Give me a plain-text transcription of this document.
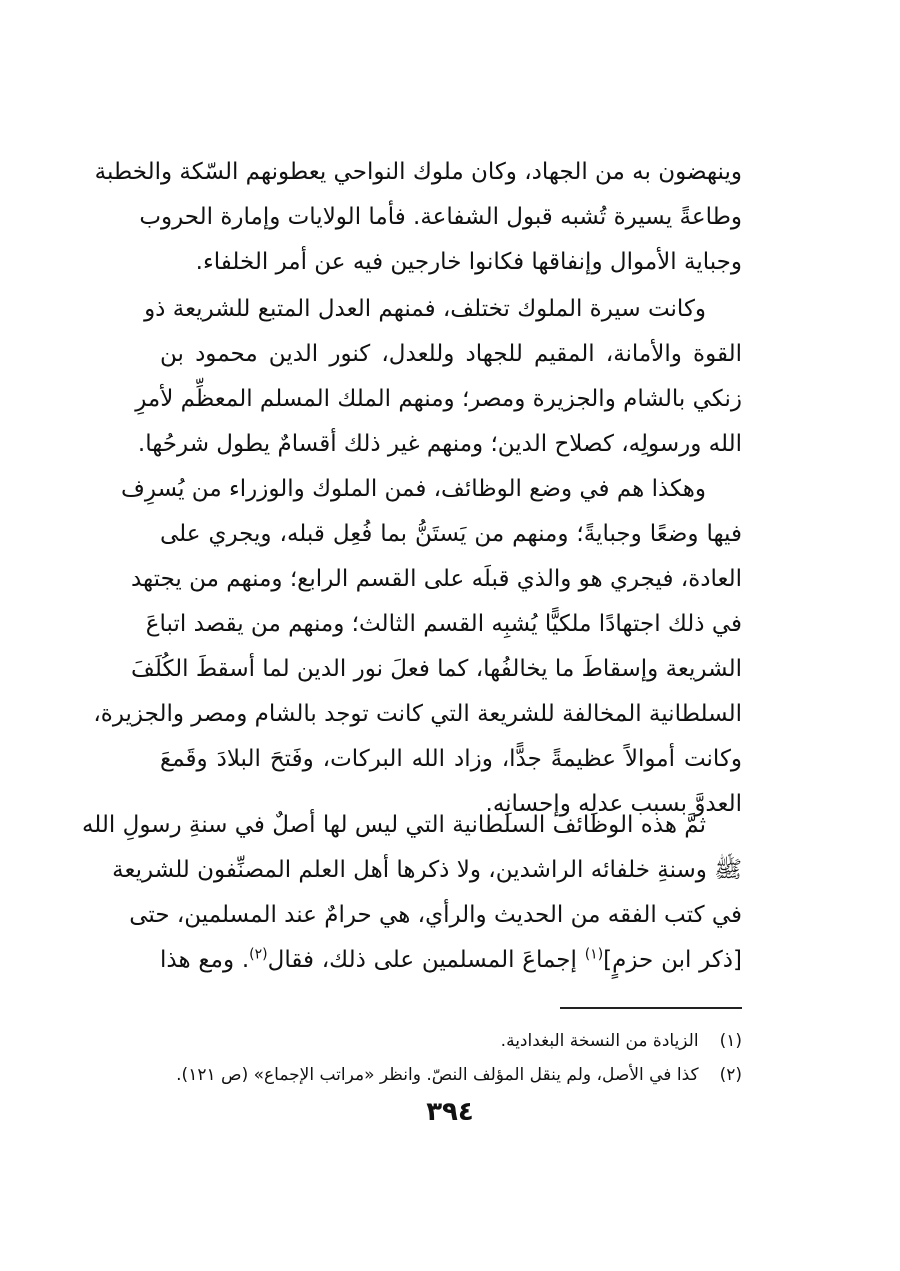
وينهضون به من الجهاد، وكان ملوك النواحي يعطونهم السّكة والخطبة
وطاعةً يسيرة تُشبه قبول الشفاعة. فأما الولايات وإمارة الحروب
وجباية الأموال وإنفاقها فكانوا خارجين فيه عن أمر الخلفاء.
وكانت سيرة الملوك تختلف، فمنهم العدل المتبع للشريعة ذو
القوة والأمانة، المقيم للجهاد وللعدل، كنور الدين محمود بن
زنكي بالشام والجزيرة ومصر؛ ومنهم الملك المسلم المعظِّم لأمرِ
الله ورسولِه، كصلاح الدين؛ ومنهم غير ذلك أقسامٌ يطول شرحُها.
وهكذا هم في وضع الوظائف، فمن الملوك والوزراء من يُسرِف
فيها وضعًا وجبايةً؛ ومنهم من يَستَنُّ بما فُعِل قبله، ويجري على
العادة، فيجري هو والذي قبلَه على القسم الرابع؛ ومنهم من يجتهد
في ذلك اجتهادًا ملكيًّا يُشبِه القسم الثالث؛ ومنهم من يقصد اتباعَ
الشريعة وإسقاطَ ما يخالفُها، كما فعلَ نور الدين لما أسقطَ الكُلَفَ
السلطانية المخالفة للشريعة التي كانت توجد بالشام ومصر والجزيرة،
وكانت أموالاً عظيمةً جدًّا، وزاد الله البركات، وفَتحَ البلادَ وقَمعَ
العدوَّ بسبب عدلِه وإحسانِه.
ثمَّ هذه الوظائف السلطانية التي ليس لها أصلٌ في سنةِ رسولِ الله
ﷺ وسنةِ خلفائه الراشدين، ولا ذكرها أهل العلم المصنِّفون للشريعة
في كتب الفقه من الحديث والرأي، هي حرامٌ عند المسلمين، حتى
[ذكر ابن حزمٍ]$^{(١)}$ إجماعَ المسلمين على ذلك، فقال$^{(٢)}$. ومع هذا
(١) الزيادة من النسخة البغدادية.
(٢) كذا في الأصل، ولم ينقل المؤلف النصّ. وانظر «مراتب الإجماع» (ص ١٢١).
٣٩٤
